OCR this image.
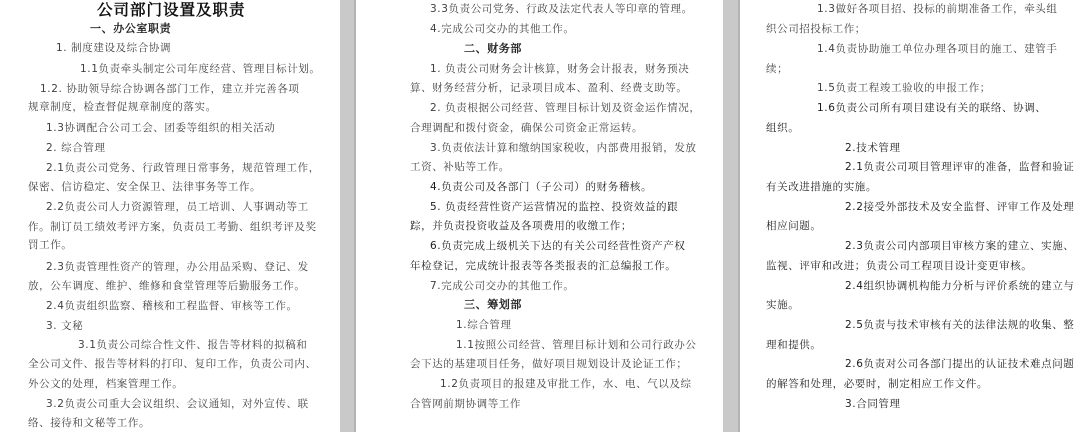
公司部门设置及职责
一、办公室职责
1. 制度建设及综合协调
1.1负责牵头制定公司年度经营、管理目标计划。
1.2. 协助领导综合协调各部门工作，建立并完善各项
规章制度，检查督促规章制度的落实。
1.3协调配合公司工会、团委等组织的相关活动
2. 综合管理
2.1负责公司党务、行政管理日常事务，规范管理工作，
保密、信访稳定、安全保卫、法律事务等工作。
2.2负责公司人力资源管理，员工培训、人事调动等工
作。制订员工绩效考评方案，负责员工考勤、组织考评及奖
罚工作。
2.3负责管理性资产的管理，办公用品采购、登记、发
放，公车调度、维护、维修和食堂管理等后勤服务工作。
2.4负责组织监察、稽核和工程监督、审核等工作。
3. 文秘
3.1负责公司综合性文件、报告等材料的拟稿和
全公司文件、报告等材料的打印、复印工作，负责公司内、
外公文的处理，档案管理工作。
3.2负责公司重大会议组织、会议通知，对外宣传、联
络、接待和文秘等工作。
3.3负责公司党务、行政及法定代表人等印章的管理。
4.完成公司交办的其他工作。
二、财务部
1. 负责公司财务会计核算，财务会计报表，财务预决
算、财务经营分析，记录项目成本、盈利、经费支助等。
2. 负责根据公司经营、管理目标计划及资金运作情况，
合理调配和拨付资金，确保公司资金正常运转。
3.负责依法计算和缴纳国家税收，内部费用报销，发放
工资、补贴等工作。
4.负责公司及各部门（子公司）的财务稽核。
5. 负责经营性资产运营情况的监控、投资效益的跟
踪，并负责投资收益及各项费用的收缴工作；
6.负责完成上级机关下达的有关公司经营性资产产权
年检登记，完成统计报表等各类报表的汇总编报工作。
7.完成公司交办的其他工作。
三、筹划部
1.综合管理
1.1按照公司经营、管理目标计划和公司行政办公
会下达的基建项目任务，做好项目规划设计及论证工作；
1.2负责项目的报建及审批工作，水、电、气以及综
合管网前期协调等工作
1.3做好各项目招、投标的前期准备工作，牵头组
织公司招投标工作；
1.4负责协助施工单位办理各项目的施工、建管手
续；
1.5负责工程竣工验收的申报工作；
1.6负责公司所有项目建设有关的联络、协调、
组织。
2.技术管理
2.1负责公司项目管理评审的准备，监督和验证
有关改进措施的实施。
2.2接受外部技术及安全监督、评审工作及处理
相应问题。
2.3负责公司内部项目审核方案的建立、实施、
监视、评审和改进；负责公司工程项目设计变更审核。
2.4组织协调机构能力分析与评价系统的建立与
实施。
2.5负责与技术审核有关的法律法规的收集、整
理和提供。
2.6负责对公司各部门提出的认证技术难点问题
的解答和处理，必要时，制定相应工作文件。
3.合同管理
